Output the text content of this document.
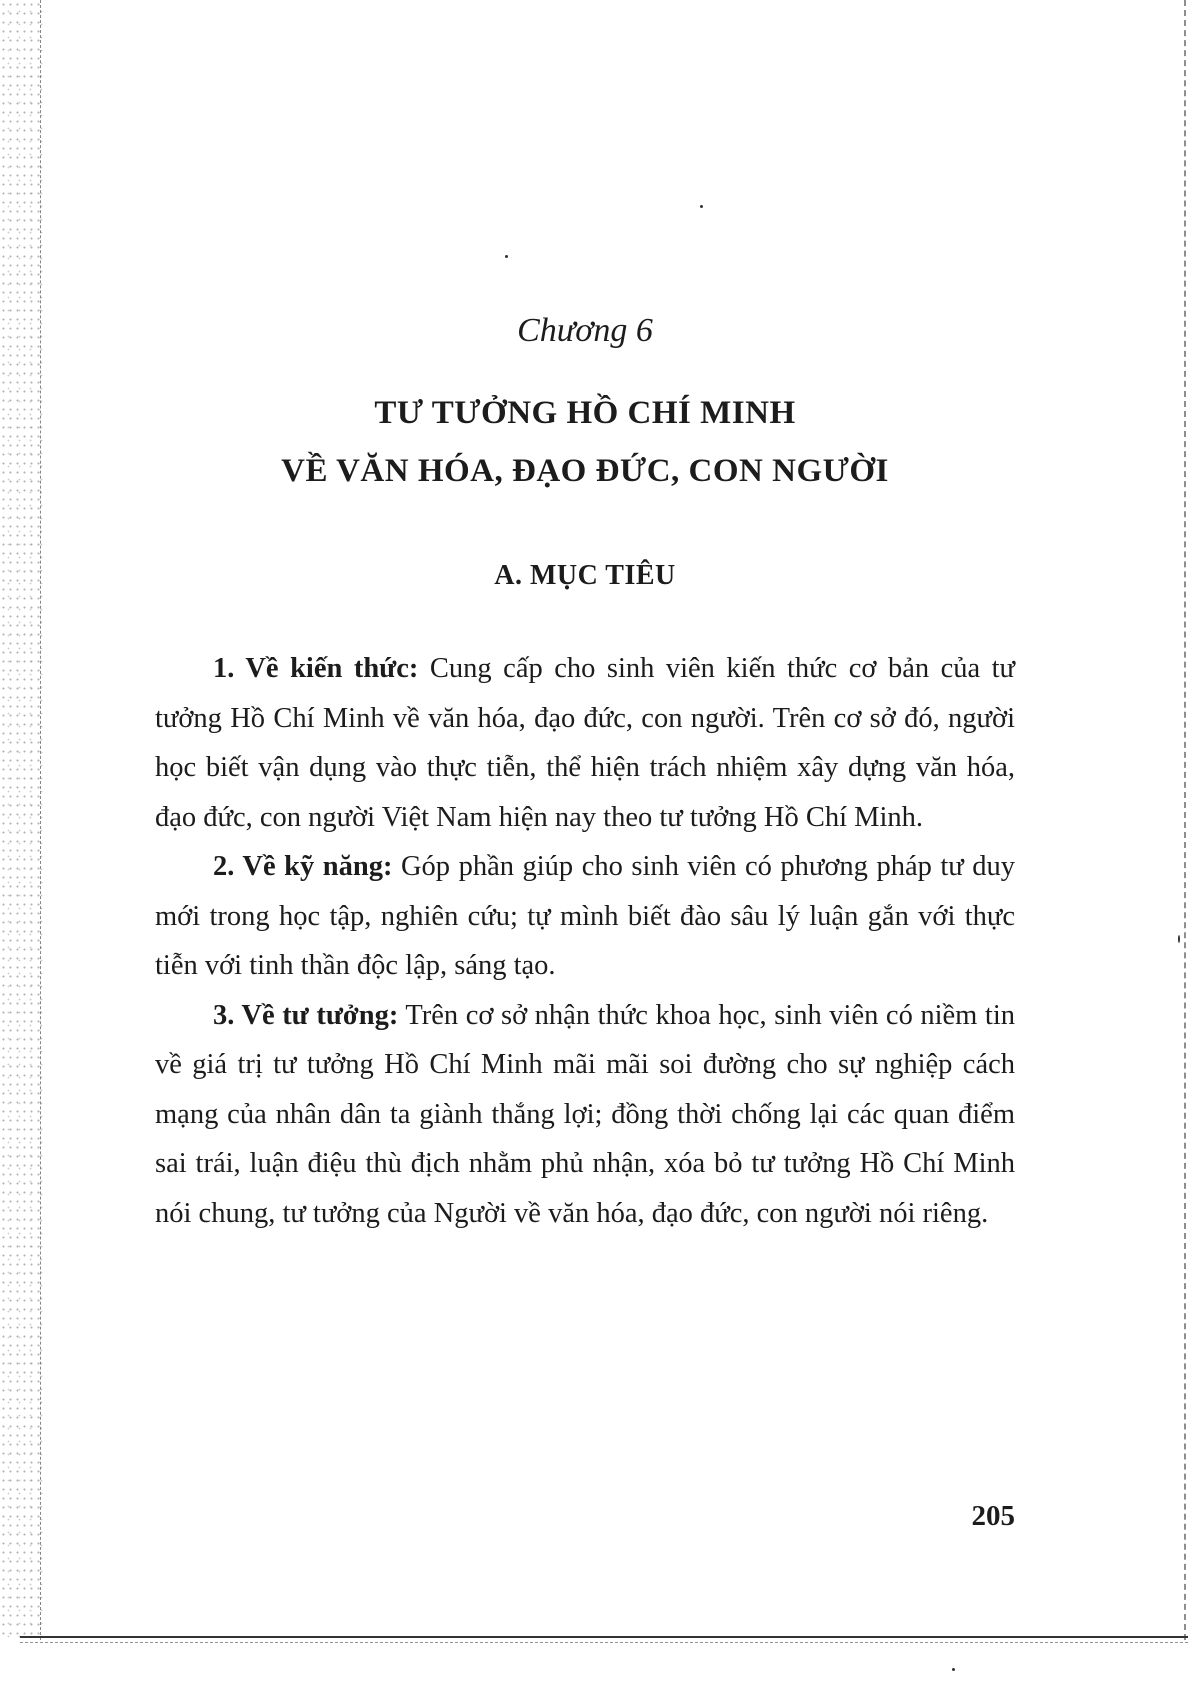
Chương 6
TƯ TƯỞNG HỒ CHÍ MINH
VỀ VĂN HÓA, ĐẠO ĐỨC, CON NGƯỜI
A. MỤC TIÊU

1. Về kiến thức: Cung cấp cho sinh viên kiến thức cơ bản của tư tưởng Hồ Chí Minh về văn hóa, đạo đức, con người. Trên cơ sở đó, người học biết vận dụng vào thực tiễn, thể hiện trách nhiệm xây dựng văn hóa, đạo đức, con người Việt Nam hiện nay theo tư tưởng Hồ Chí Minh.

2. Về kỹ năng: Góp phần giúp cho sinh viên có phương pháp tư duy mới trong học tập, nghiên cứu; tự mình biết đào sâu lý luận gắn với thực tiễn với tinh thần độc lập, sáng tạo.

3. Về tư tưởng: Trên cơ sở nhận thức khoa học, sinh viên có niềm tin về giá trị tư tưởng Hồ Chí Minh mãi mãi soi đường cho sự nghiệp cách mạng của nhân dân ta giành thắng lợi; đồng thời chống lại các quan điểm sai trái, luận điệu thù địch nhằm phủ nhận, xóa bỏ tư tưởng Hồ Chí Minh nói chung, tư tưởng của Người về văn hóa, đạo đức, con người nói riêng.

205
